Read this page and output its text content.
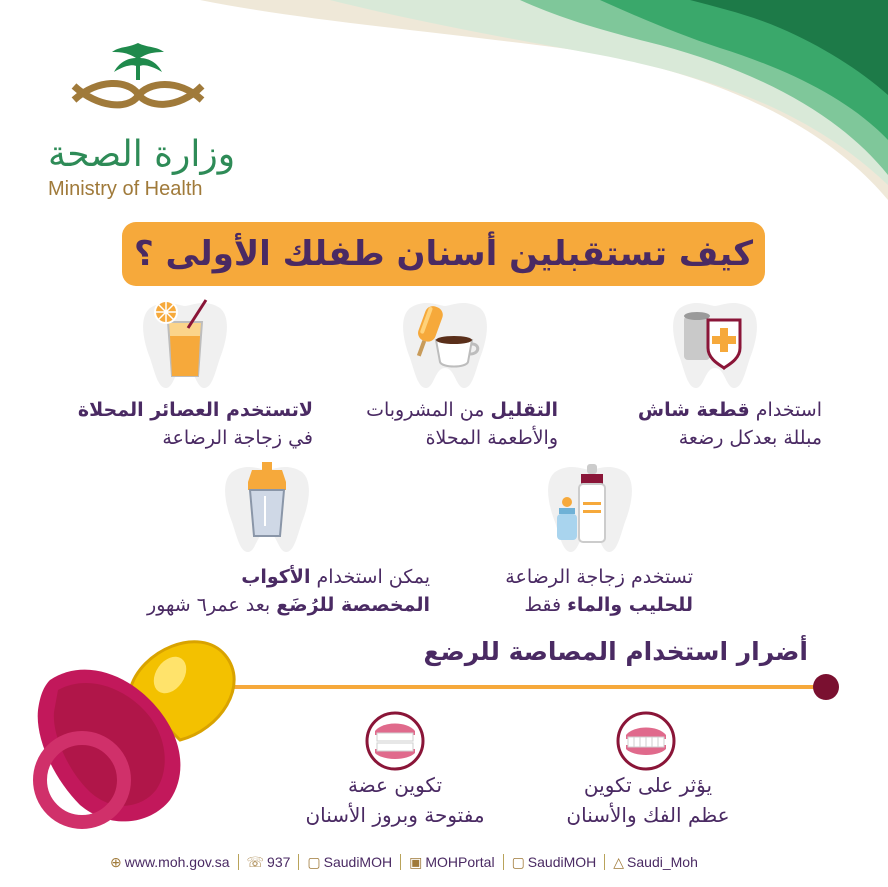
وزارة الصحة
Ministry of Health
كيف تستقبلين أسنان طفلك الأولى ؟
استخدام قطعة شاش
مبللة بعدكل رضعة
التقليل من المشروبات
والأطعمة المحلاة
لاتستخدم العصائر المحلاة
في زجاجة الرضاعة
تستخدم زجاجة الرضاعة
للحليب والماء فقط
يمكن استخدام الأكواب
المخصصة للرُضَع بعد عمر٦ شهور
أضرار استخدام المصاصة للرضع
يؤثر على تكوين
عظم الفك والأسنان
تكوين عضة
مفتوحة وبروز الأسنان
⊕ www.moh.gov.sa ☏ 937 ▢ SaudiMOH ▣ MOHPortal ▢ SaudiMOH △ Saudi_Moh
